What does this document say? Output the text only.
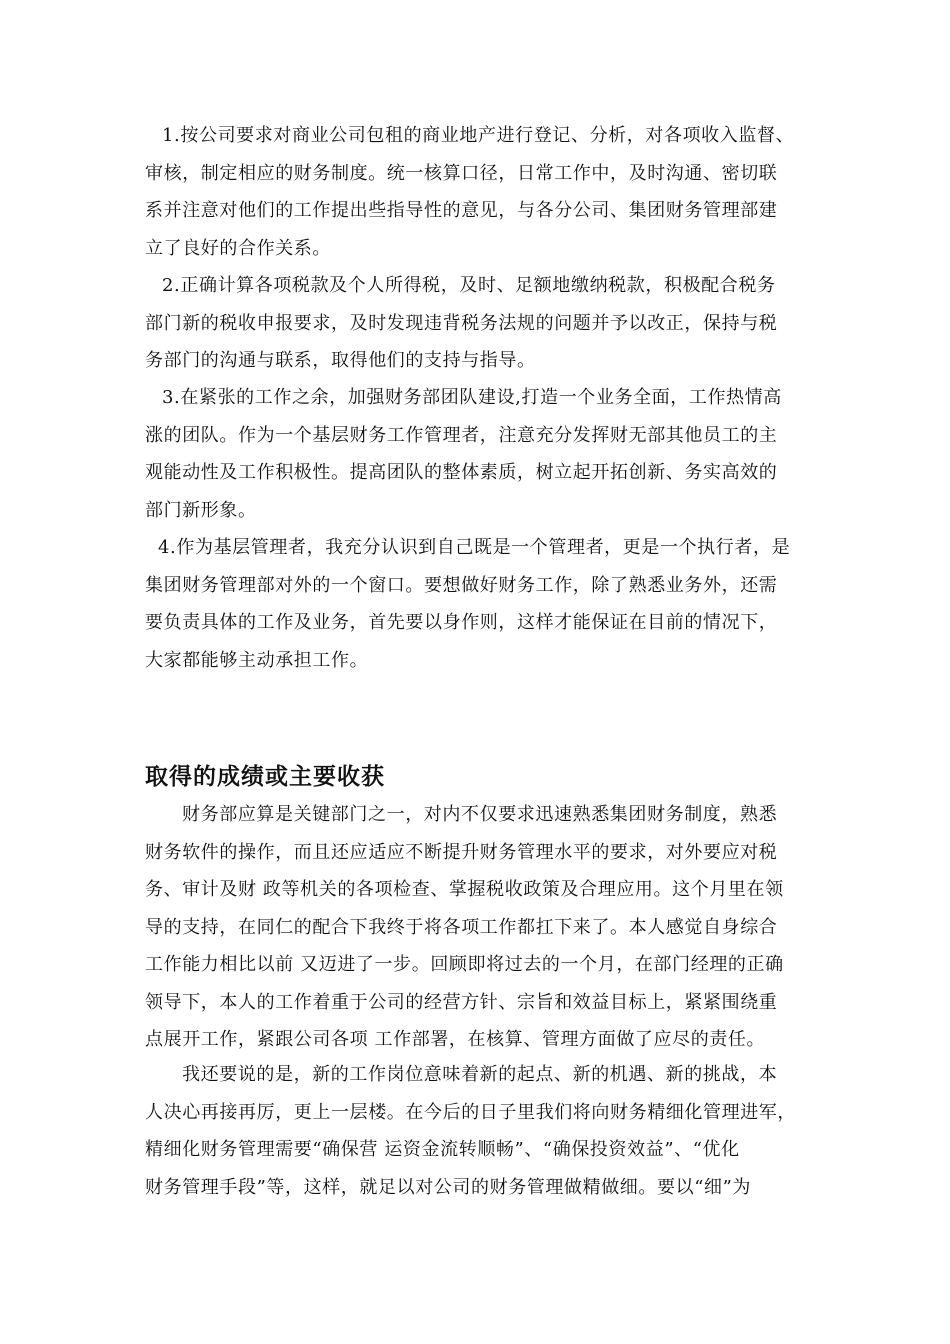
1.按公司要求对商业公司包租的商业地产进行登记、分析，对各项收入监督、
审核，制定相应的财务制度。统一核算口径，日常工作中，及时沟通、密切联
系并注意对他们的工作提出些指导性的意见，与各分公司、集团财务管理部建
立了良好的合作关系。
2.正确计算各项税款及个人所得税，及时、足额地缴纳税款，积极配合税务
部门新的税收申报要求，及时发现违背税务法规的问题并予以改正，保持与税
务部门的沟通与联系，取得他们的支持与指导。
3.在紧张的工作之余，加强财务部团队建设,打造一个业务全面，工作热情高
涨的团队。作为一个基层财务工作管理者，注意充分发挥财无部其他员工的主
观能动性及工作积极性。提高团队的整体素质，树立起开拓创新、务实高效的
部门新形象。
4.作为基层管理者，我充分认识到自己既是一个管理者，更是一个执行者，是
集团财务管理部对外的一个窗口。要想做好财务工作，除了熟悉业务外，还需
要负责具体的工作及业务，首先要以身作则，这样才能保证在目前的情况下，
大家都能够主动承担工作。
取得的成绩或主要收获
财务部应算是关键部门之一，对内不仅要求迅速熟悉集团财务制度，熟悉
财务软件的操作，而且还应适应不断提升财务管理水平的要求，对外要应对税
务、审计及财 政等机关的各项检查、掌握税收政策及合理应用。这个月里在领
导的支持，在同仁的配合下我终于将各项工作都扛下来了。本人感觉自身综合
工作能力相比以前 又迈进了一步。回顾即将过去的一个月，在部门经理的正确
领导下，本人的工作着重于公司的经营方针、宗旨和效益目标上，紧紧围绕重
点展开工作，紧跟公司各项 工作部署，在核算、管理方面做了应尽的责任。
我还要说的是，新的工作岗位意味着新的起点、新的机遇、新的挑战，本
人决心再接再厉，更上一层楼。在今后的日子里我们将向财务精细化管理进军，
精细化财务管理需要“确保营 运资金流转顺畅”、“确保投资效益”、“优化
财务管理手段”等，这样，就足以对公司的财务管理做精做细。要以“细”为
